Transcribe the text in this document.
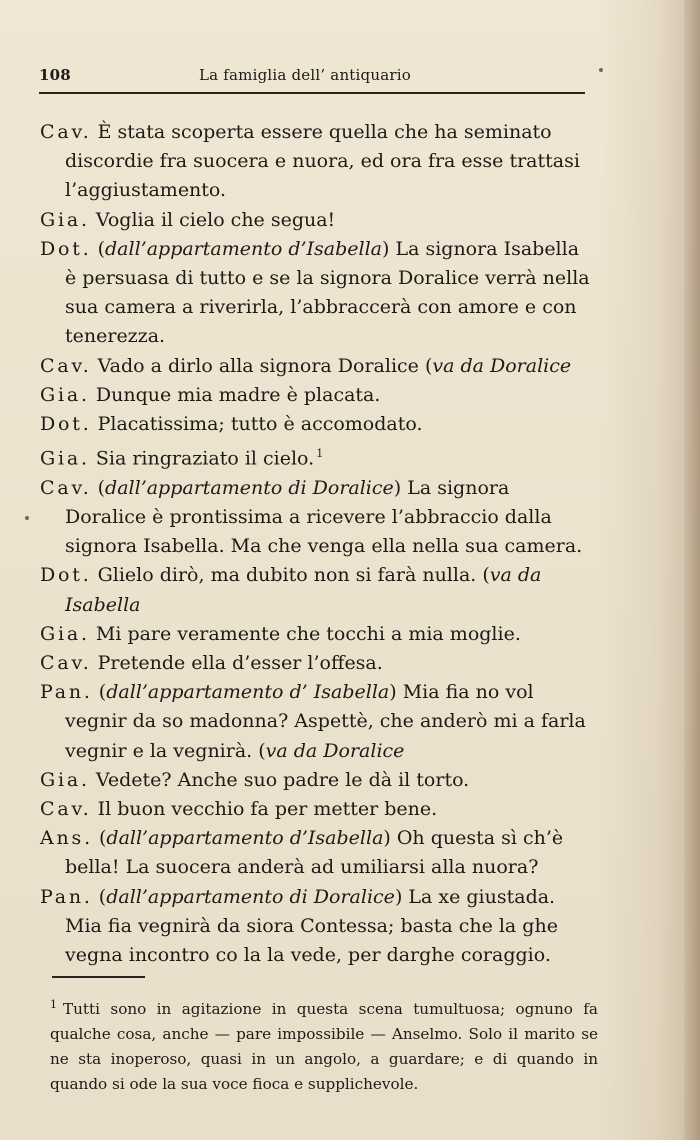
108	La famiglia dell’ antiquario

Cav. È stata scoperta essere quella che ha seminato discordie fra suocera e nuora, ed ora fra esse trattasi l’aggiustamento.

Gia. Voglia il cielo che segua!

Dot. (dall’appartamento d’Isabella) La signora Isabella è persuasa di tutto e se la signora Doralice verrà nella sua camera a riverirla, l’abbraccerà con amore e con tenerezza.

Cav. Vado a dirlo alla signora Doralice (va da Doralice

Gia. Dunque mia madre è placata.

Dot. Placatissima; tutto è accomodato.

Gia. Sia ringraziato il cielo. $^1$

Cav. (dall’appartamento di Doralice) La signora Doralice è prontissima a ricevere l’abbraccio dalla signora Isabella. Ma che venga ella nella sua camera.

Dot. Glielo dirò, ma dubito non si farà nulla. (va da Isabella

Gia. Mi pare veramente che tocchi a mia moglie.

Cav. Pretende ella d’esser l’offesa.

Pan. (dall’appartamento d’ Isabella) Mia fia no vol vegnir da so madonna? Aspettè, che anderò mi a farla vegnir e la vegnirà. (va da Doralice

Gia. Vedete? Anche suo padre le dà il torto.

Cav. Il buon vecchio fa per metter bene.

Ans. (dall’appartamento d’Isabella) Oh questa sì ch’è bella! La suocera anderà ad umiliarsi alla nuora?

Pan. (dall’appartamento di Doralice) La xe giustada. Mia fia vegnirà da siora Contessa; basta che la ghe vegna incontro co la la vede, per darghe coraggio.

$^1$ Tutti sono in agitazione in questa scena tumultuosa; ognuno fa qualche cosa, anche — pare impossibile — Anselmo. Solo il marito se ne sta inoperoso, quasi in un angolo, a guardare; e di quando in quando si ode la sua voce fioca e supplichevole.
